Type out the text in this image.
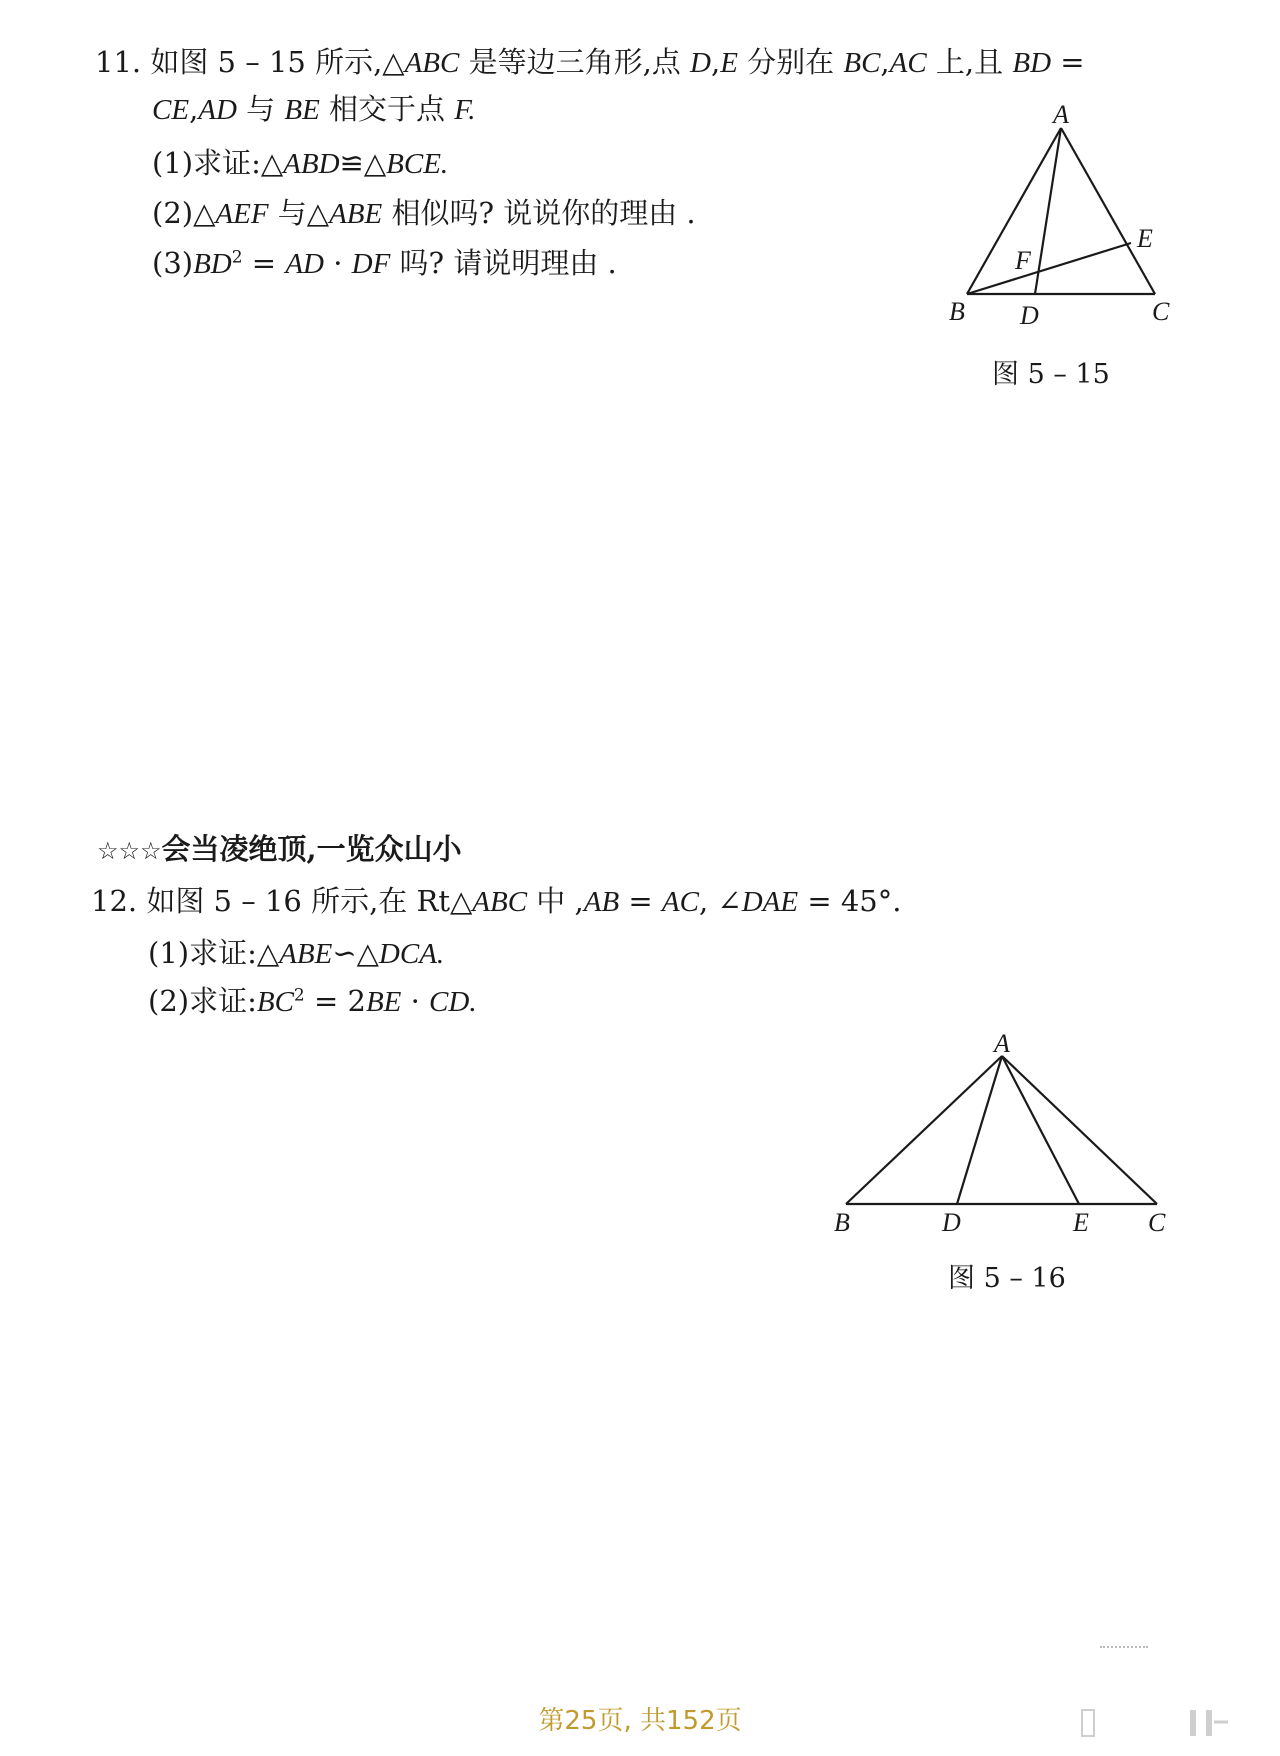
11. 如图 5 – 15 所示,△ABC 是等边三角形,点 D,E 分别在 BC,AC 上,且 BD =
CE,AD 与 BE 相交于点 F.
(1)求证:△ABD≌△BCE.
(2)△AEF 与△ABE 相似吗? 说说你的理由 .
$(3)BD^2$ = AD · DF 吗? 请说明理由 .
A
B	C
D
E
F
图 5 – 15
☆☆☆会当凌绝顶,一览众山小
12. 如图 5 – 16 所示,在 Rt△ABC 中 ,AB = AC, ∠DAE = 45°.
(1)求证:△ABE∽△DCA.
(2)求证$:BC^2 = 2BE$ · CD.
A
B	C
D	E
图 5 – 16
第25页, 共152页
